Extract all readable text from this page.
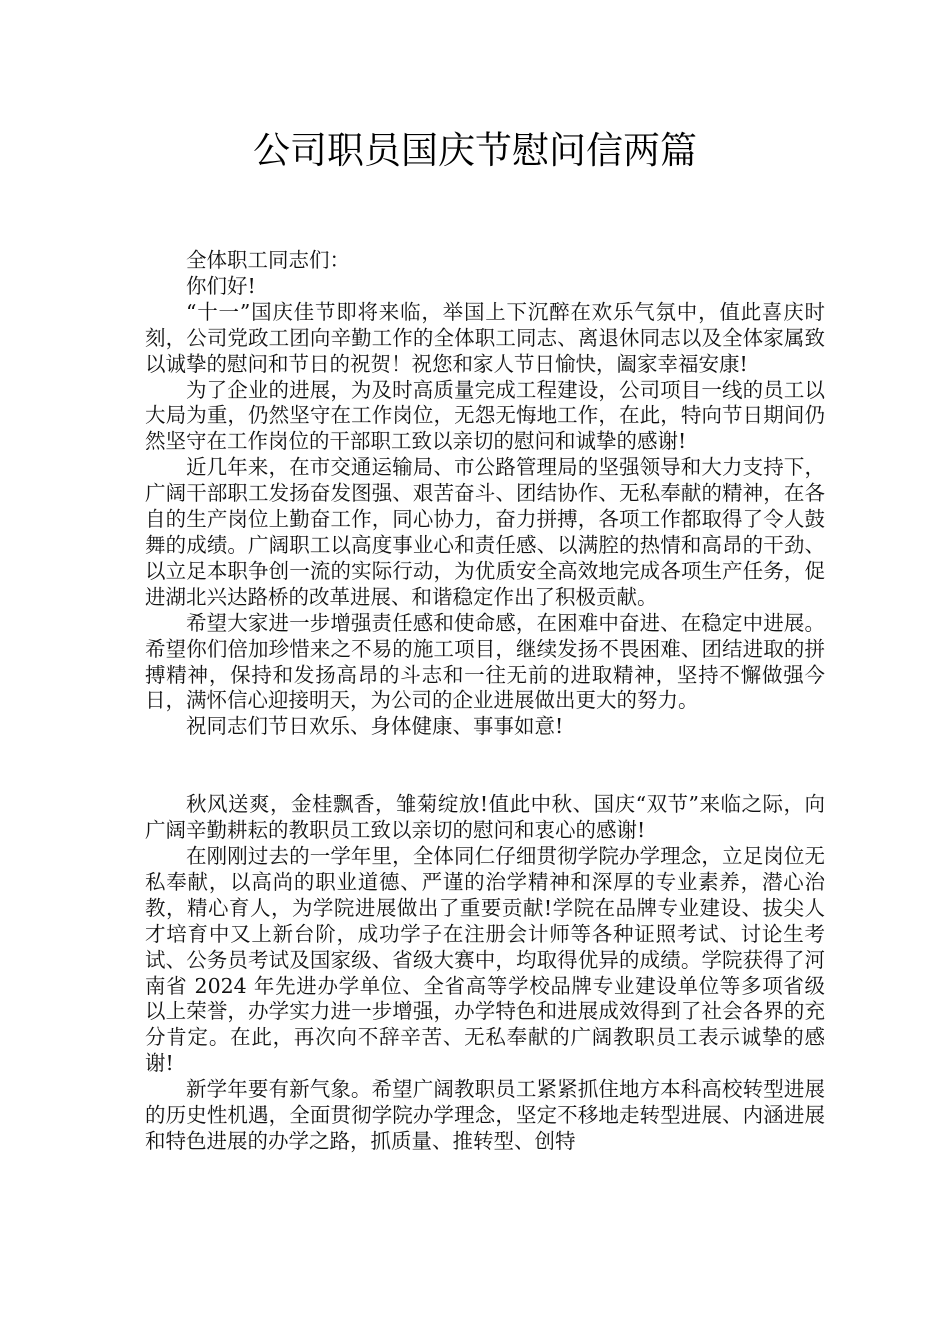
公司职员国庆节慰问信两篇

全体职工同志们：

你们好!

“十一”国庆佳节即将来临，举国上下沉醉在欢乐气氛中，值此喜庆时刻，公司党政工团向辛勤工作的全体职工同志、离退休同志以及全体家属致以诚挚的慰问和节日的祝贺！祝您和家人节日愉快，阖家幸福安康!

为了企业的进展，为及时高质量完成工程建设，公司项目一线的员工以大局为重，仍然坚守在工作岗位，无怨无悔地工作，在此，特向节日期间仍然坚守在工作岗位的干部职工致以亲切的慰问和诚挚的感谢!

近几年来，在市交通运输局、市公路管理局的坚强领导和大力支持下，广阔干部职工发扬奋发图强、艰苦奋斗、团结协作、无私奉献的精神，在各自的生产岗位上勤奋工作，同心协力，奋力拼搏，各项工作都取得了令人鼓舞的成绩。广阔职工以高度事业心和责任感、以满腔的热情和高昂的干劲、以立足本职争创一流的实际行动，为优质安全高效地完成各项生产任务，促进湖北兴达路桥的改革进展、和谐稳定作出了积极贡献。

希望大家进一步增强责任感和使命感，在困难中奋进、在稳定中进展。希望你们倍加珍惜来之不易的施工项目，继续发扬不畏困难、团结进取的拼搏精神，保持和发扬高昂的斗志和一往无前的进取精神，坚持不懈做强今日，满怀信心迎接明天，为公司的企业进展做出更大的努力。

祝同志们节日欢乐、身体健康、事事如意!

秋风送爽，金桂飘香，雏菊绽放!值此中秋、国庆“双节”来临之际，向广阔辛勤耕耘的教职员工致以亲切的慰问和衷心的感谢!

在刚刚过去的一学年里，全体同仁仔细贯彻学院办学理念，立足岗位无私奉献，以高尚的职业道德、严谨的治学精神和深厚的专业素养，潜心治教，精心育人，为学院进展做出了重要贡献!学院在品牌专业建设、拔尖人才培育中又上新台阶，成功学子在注册会计师等各种证照考试、讨论生考试、公务员考试及国家级、省级大赛中，均取得优异的成绩。学院获得了河南省 2024 年先进办学单位、全省高等学校品牌专业建设单位等多项省级以上荣誉，办学实力进一步增强，办学特色和进展成效得到了社会各界的充分肯定。在此，再次向不辞辛苦、无私奉献的广阔教职员工表示诚挚的感谢!

新学年要有新气象。希望广阔教职员工紧紧抓住地方本科高校转型进展的历史性机遇，全面贯彻学院办学理念，坚定不移地走转型进展、内涵进展和特色进展的办学之路，抓质量、推转型、创特
